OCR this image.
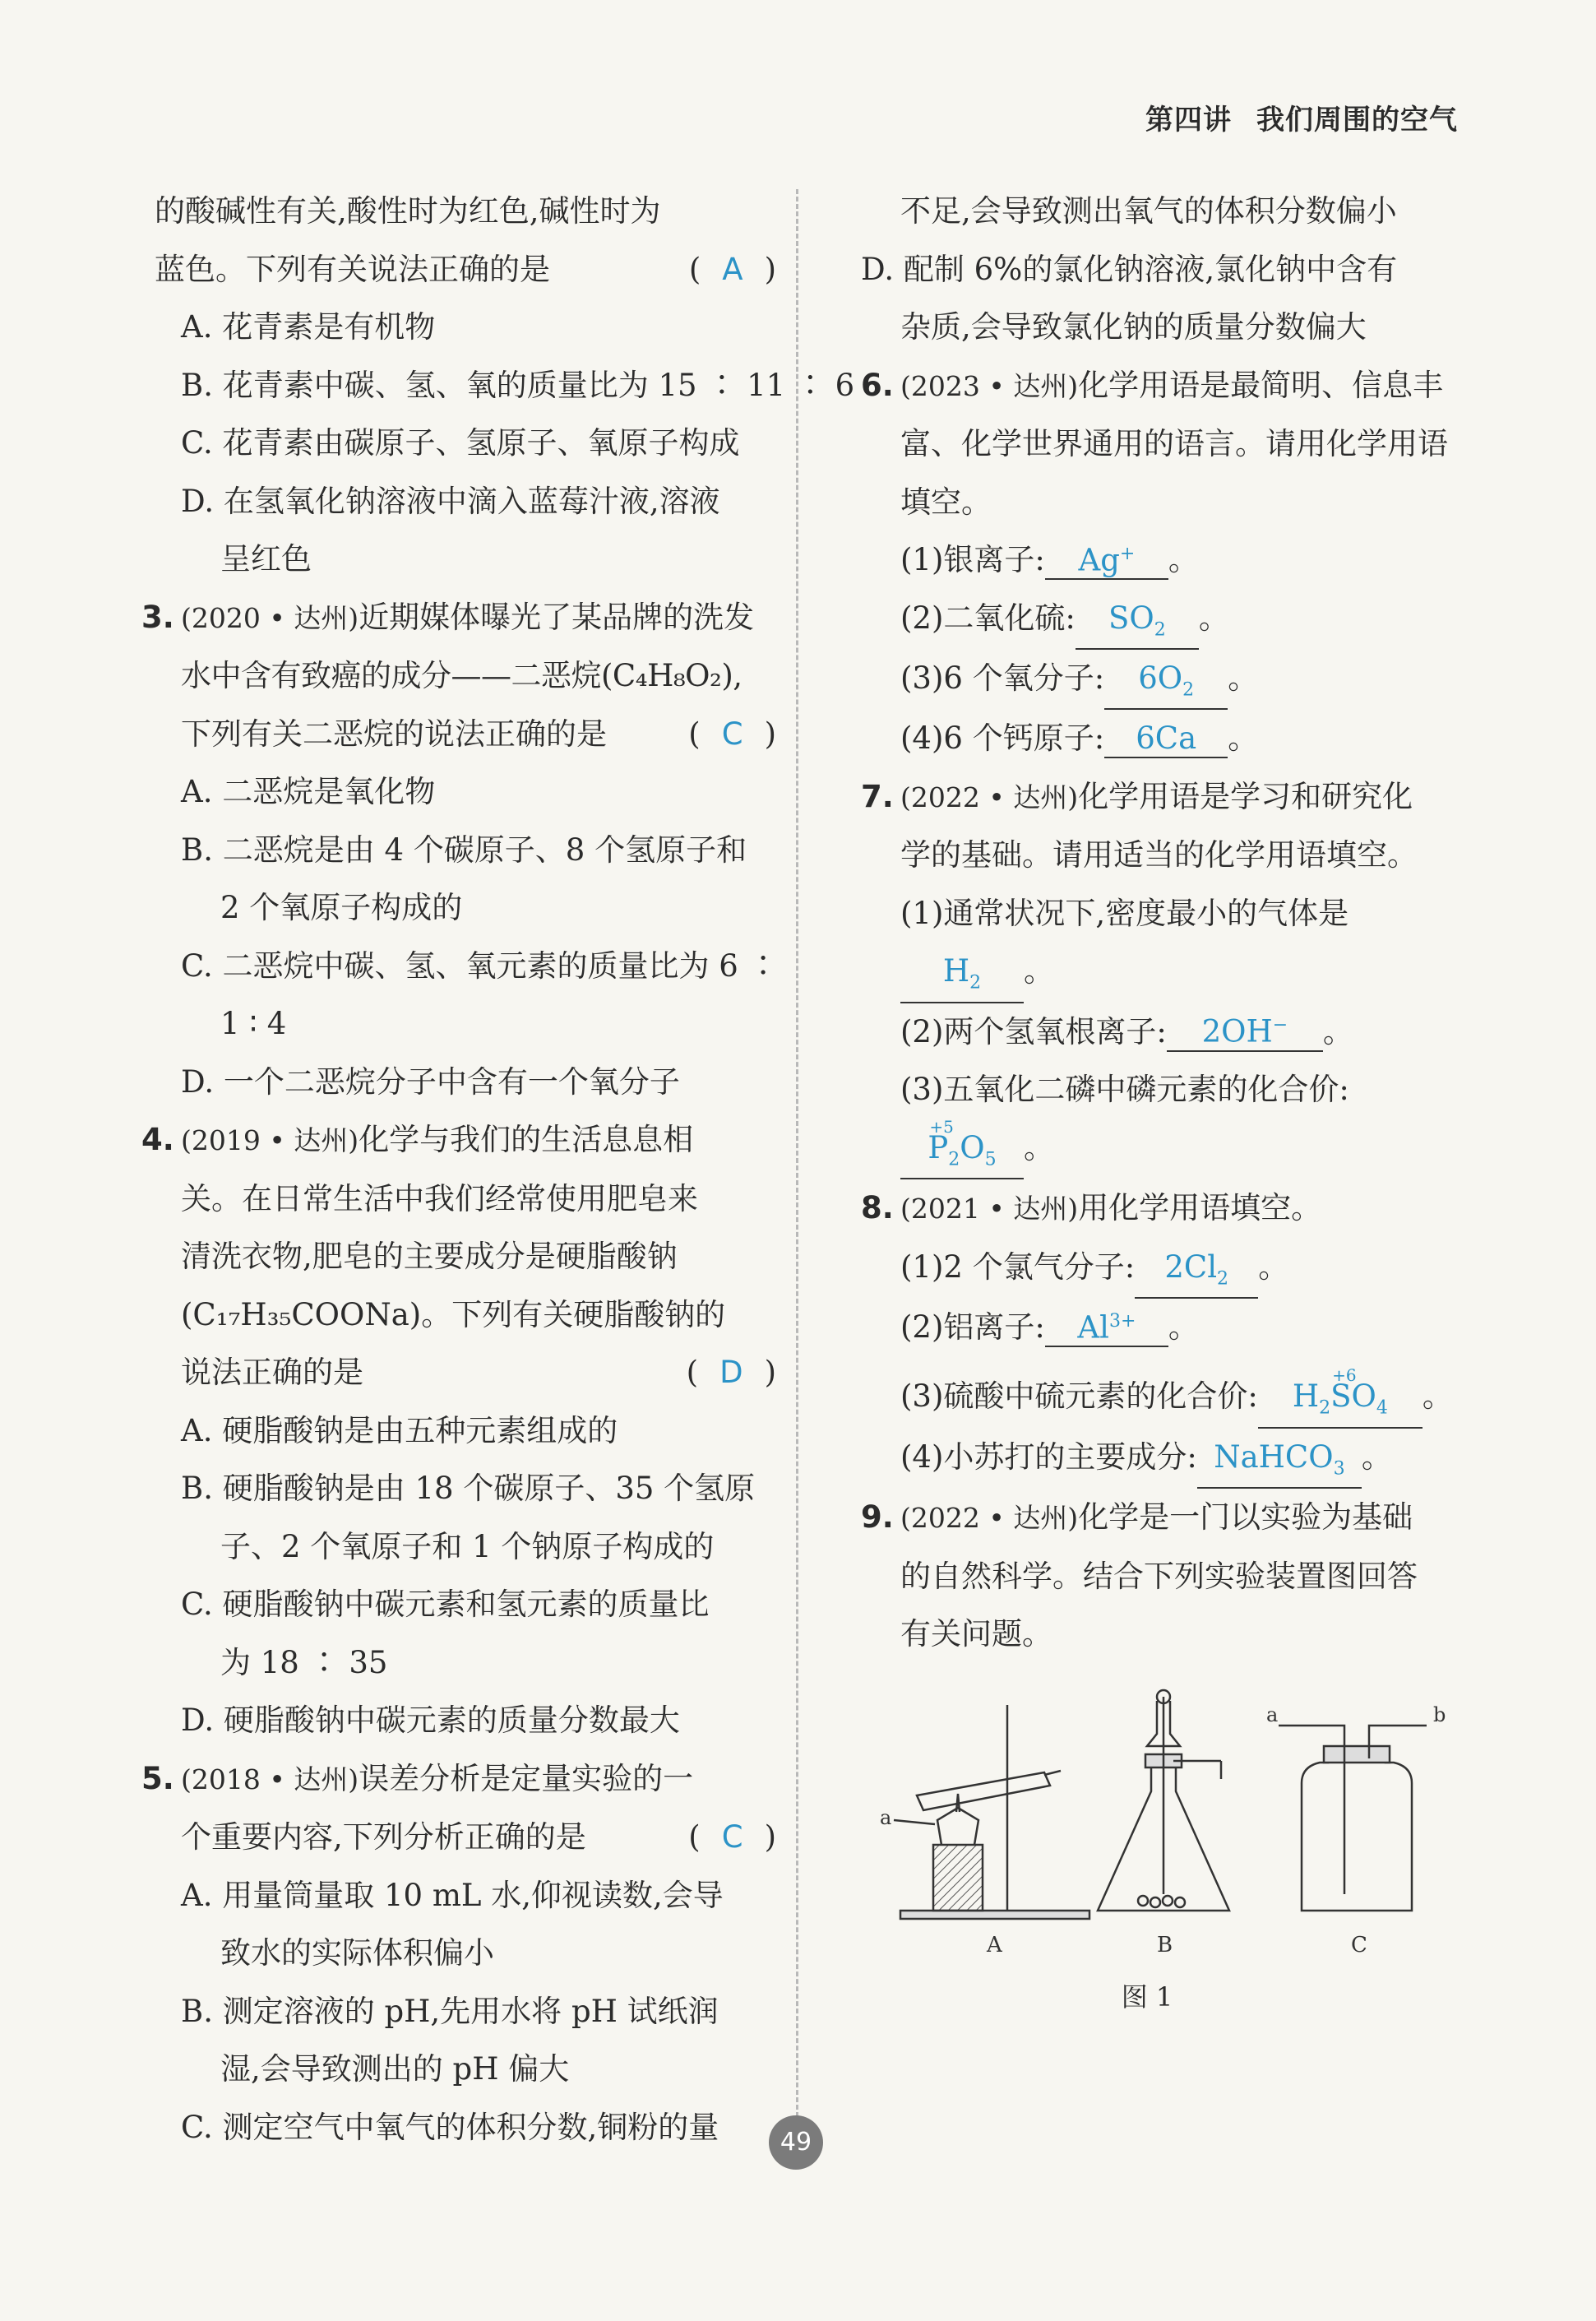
第四讲 我们周围的空气
的酸碱性有关,酸性时为红色,碱性时为
蓝色。下列有关说法正确的是	( A )
A. 花青素是有机物
B. 花青素中碳、氢、氧的质量比为 15 ∶ 11 ∶ 6
C. 花青素由碳原子、氢原子、氧原子构成
D. 在氢氧化钠溶液中滴入蓝莓汁液,溶液
呈红色
3. (2020 • 达州)近期媒体曝光了某品牌的洗发
水中含有致癌的成分——二恶烷(C₄H₈O₂),
下列有关二恶烷的说法正确的是	( C )
A. 二恶烷是氧化物
B. 二恶烷是由 4 个碳原子、8 个氢原子和
2 个氧原子构成的
C. 二恶烷中碳、氢、氧元素的质量比为 6 ∶
1 ∶ 4
D. 一个二恶烷分子中含有一个氧分子
4. (2019 • 达州)化学与我们的生活息息相
关。在日常生活中我们经常使用肥皂来
清洗衣物,肥皂的主要成分是硬脂酸钠
(C₁₇H₃₅COONa)。下列有关硬脂酸钠的
说法正确的是	( D )
A. 硬脂酸钠是由五种元素组成的
B. 硬脂酸钠是由 18 个碳原子、35 个氢原
子、2 个氧原子和 1 个钠原子构成的
C. 硬脂酸钠中碳元素和氢元素的质量比
为 18 ∶ 35
D. 硬脂酸钠中碳元素的质量分数最大
5. (2018 • 达州)误差分析是定量实验的一
个重要内容,下列分析正确的是	( C )
A. 用量筒量取 10 mL 水,仰视读数,会导
致水的实际体积偏小
B. 测定溶液的 pH,先用水将 pH 试纸润
湿,会导致测出的 pH 偏大
C. 测定空气中氧气的体积分数,铜粉的量
不足,会导致测出氧气的体积分数偏小
D. 配制 6%的氯化钠溶液,氯化钠中含有
杂质,会导致氯化钠的质量分数偏大
6. (2023 • 达州)化学用语是最简明、信息丰
富、化学世界通用的语言。请用化学用语
填空。
(1)银离子: Ag+ 。
(2)二氧化硫: $SO_2$ 。
(3)6 个氧分子: $6O_2$ 。
(4)6 个钙原子: 6Ca 。
7. (2022 • 达州)化学用语是学习和研究化
学的基础。请用适当的化学用语填空。
(1)通常状况下,密度最小的气体是
$H_2$ 。
(2)两个氢氧根离子: 2OH− 。
(3)五氧化二磷中磷元素的化合价:
+5
$P_2O_5$ 。
8. (2021 • 达州)用化学用语填空。
(1)2 个氯气分子: $2Cl_2$ 。
(2)铝离子: $Al^{3+}$ 。
(3)硫酸中硫元素的化合价: $H_2$
+6
$SO_4$ 。
(4)小苏打的主要成分: NaHCO$_3$ 。
9. (2022 • 达州)化学是一门以实验为基础
的自然科学。结合下列实验装置图回答
有关问题。
a
a	b
A	B	C
图 1
49
